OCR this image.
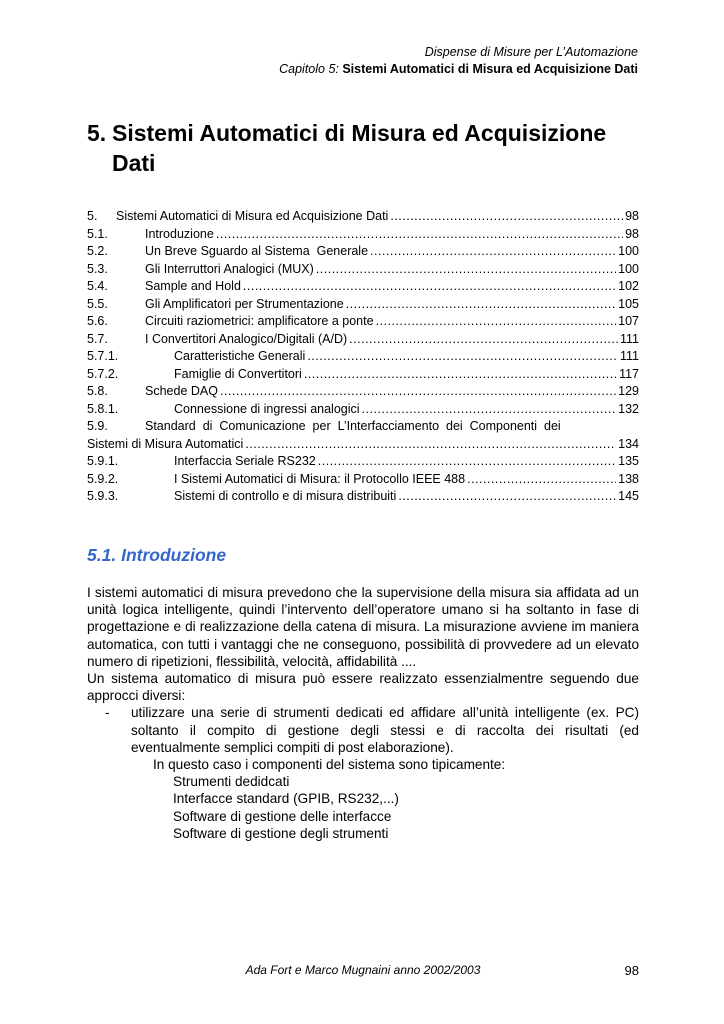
Dispense di Misure per L’Automazione
Capitolo 5: Sistemi Automatici di Misura ed Acquisizione Dati
5. Sistemi Automatici di Misura ed Acquisizione
Dati
5.	Sistemi Automatici di Misura ed Acquisizione Dati .....	98
5.1.	Introduzione .....	98
5.2.	Un Breve Sguardo al Sistema  Generale .....	100
5.3.	Gli Interruttori Analogici (MUX) .....	100
5.4.	Sample and Hold .....	102
5.5.	Gli Amplificatori per Strumentazione .....	105
5.6.	Circuiti raziometrici: amplificatore a ponte .....	107
5.7.	I Convertitori Analogico/Digitali (A/D) .....	111
5.7.1.	Caratteristiche Generali .....	111
5.7.2.	Famiglie di Convertitori .....	117
5.8.	Schede DAQ .....	129
5.8.1.	Connessione di ingressi analogici .....	132
5.9.	Standard di Comunicazione per L’Interfacciamento dei Componenti dei
Sistemi di Misura Automatici .....	134
5.9.1.	Interfaccia Seriale RS232 .....	135
5.9.2.	I Sistemi Automatici di Misura: il Protocollo IEEE 488 .....	138
5.9.3.	Sistemi di controllo e di misura distribuiti .....	145
5.1. Introduzione

I sistemi automatici di misura prevedono che la supervisione della misura sia affidata ad un unità logica intelligente, quindi l’intervento dell’operatore umano si ha soltanto in fase di progettazione e di realizzazione della catena di misura. La misurazione avviene im maniera automatica, con tutti i vantaggi che ne conseguono, possibilità di provvedere ad un elevato numero di ripetizioni, flessibilità, velocità, affidabilità ....

Un sistema automatico di misura può essere realizzato essenzialmentre seguendo due approcci diversi:

-	utilizzare una serie di strumenti dedicati ed affidare all’unità intelligente (ex. PC) soltanto il compito di gestione degli stessi e di raccolta dei risultati (ed eventualmente semplici compiti di post elaborazione).
In questo caso i componenti del sistema sono tipicamente:
Strumenti dedidcati
Interfacce standard (GPIB, RS232,...)
Software di gestione delle interfacce
Software di gestione degli strumenti
Ada Fort e Marco Mugnaini anno 2002/2003	98
